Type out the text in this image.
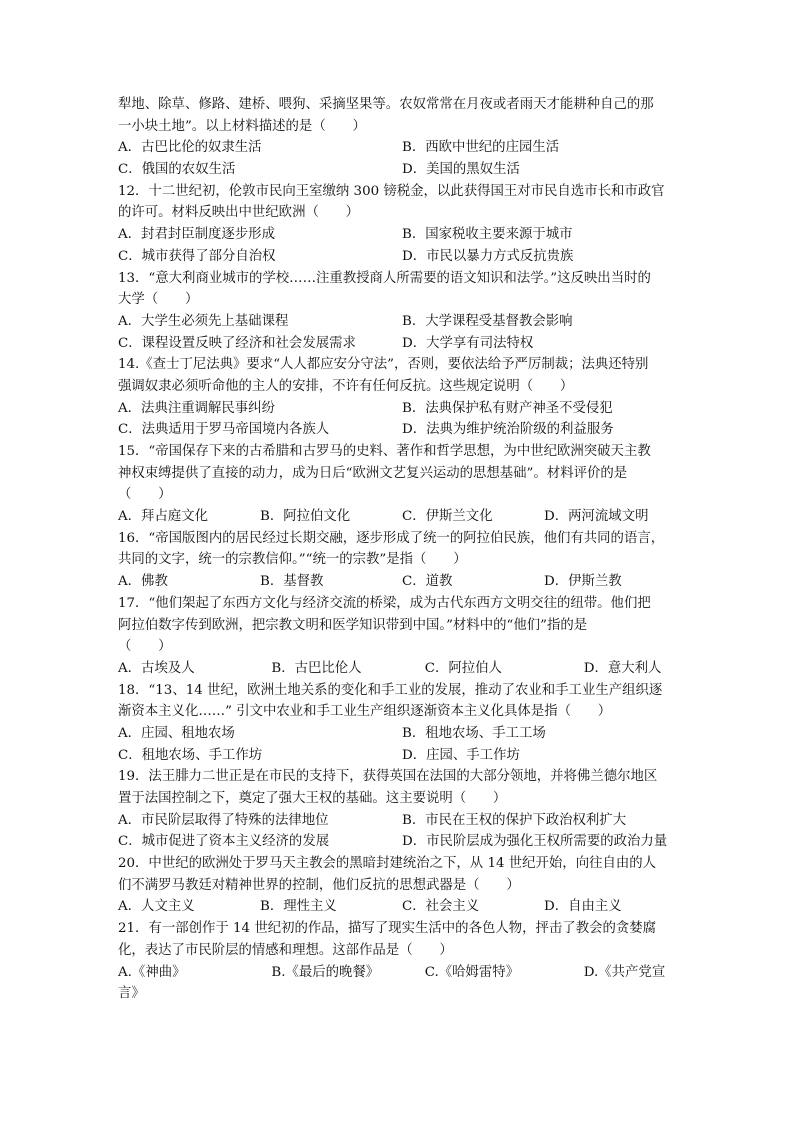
犁地、除草、修路、建桥、喂狗、采摘坚果等。农奴常常在月夜或者雨天才能耕种自己的那
一小块土地”。以上材料描述的是（　　）
A．古巴比伦的奴隶生活	B．西欧中世纪的庄园生活
C．俄国的农奴生活	D．美国的黑奴生活
12．十二世纪初，伦敦市民向王室缴纳 300 镑税金，以此获得国王对市民自选市长和市政官
的许可。材料反映出中世纪欧洲（　　）
A．封君封臣制度逐步形成	B．国家税收主要来源于城市
C．城市获得了部分自治权	D．市民以暴力方式反抗贵族
13．“意大利商业城市的学校……注重教授商人所需要的语文知识和法学。”这反映出当时的
大学（　　）
A．大学生必须先上基础课程	B．大学课程受基督教会影响
C．课程设置反映了经济和社会发展需求	D．大学享有司法特权
14.《查士丁尼法典》要求“人人都应安分守法”，否则，要依法给予严厉制裁；法典还特别
强调奴隶必须听命他的主人的安排，不许有任何反抗。这些规定说明（　　）
A．法典注重调解民事纠纷	B．法典保护私有财产神圣不受侵犯
C．法典适用于罗马帝国境内各族人	D．法典为维护统治阶级的利益服务
15．“帝国保存下来的古希腊和古罗马的史料、著作和哲学思想，为中世纪欧洲突破天主教
神权束缚提供了直接的动力，成为日后“欧洲文艺复兴运动的思想基础”。材料评价的是
（　　）
A．拜占庭文化	B．阿拉伯文化	C．伊斯兰文化	D．两河流域文明
16．“帝国版图内的居民经过长期交融，逐步形成了统一的阿拉伯民族，他们有共同的语言，
共同的文字，统一的宗教信仰。”“统一的宗教”是指（　　）
A．佛教	B．基督教	C．道教	D．伊斯兰教
17．“他们架起了东西方文化与经济交流的桥梁，成为古代东西方文明交往的纽带。他们把
阿拉伯数字传到欧洲，把宗教文明和医学知识带到中国。”材料中的“他们”指的是
（　　）
A．古埃及人	B．古巴比伦人	C．阿拉伯人	D．意大利人
18．“13、14 世纪，欧洲土地关系的变化和手工业的发展，推动了农业和手工业生产组织逐
渐资本主义化……” 引文中农业和手工业生产组织逐渐资本主义化具体是指（　　）
A．庄园、租地农场	B．租地农场、手工工场
C．租地农场、手工作坊	D．庄园、手工作坊
19．法王腓力二世正是在市民的支持下，获得英国在法国的大部分领地，并将佛兰德尔地区
置于法国控制之下，奠定了强大王权的基础。这主要说明（　　）
A．市民阶层取得了特殊的法律地位	B．市民在王权的保护下政治权利扩大
C．城市促进了资本主义经济的发展	D．市民阶层成为强化王权所需要的政治力量
20．中世纪的欧洲处于罗马天主教会的黑暗封建统治之下，从 14 世纪开始，向往自由的人
们不满罗马教廷对精神世界的控制，他们反抗的思想武器是（　　）
A．人文主义	B．理性主义	C．社会主义	D．自由主义
21．有一部创作于 14 世纪初的作品，描写了现实生活中的各色人物，抨击了教会的贪婪腐
化，表达了市民阶层的情感和理想。这部作品是（　　）
A.《神曲》	B.《最后的晚餐》	C.《哈姆雷特》	D.《共产党宣
言》
